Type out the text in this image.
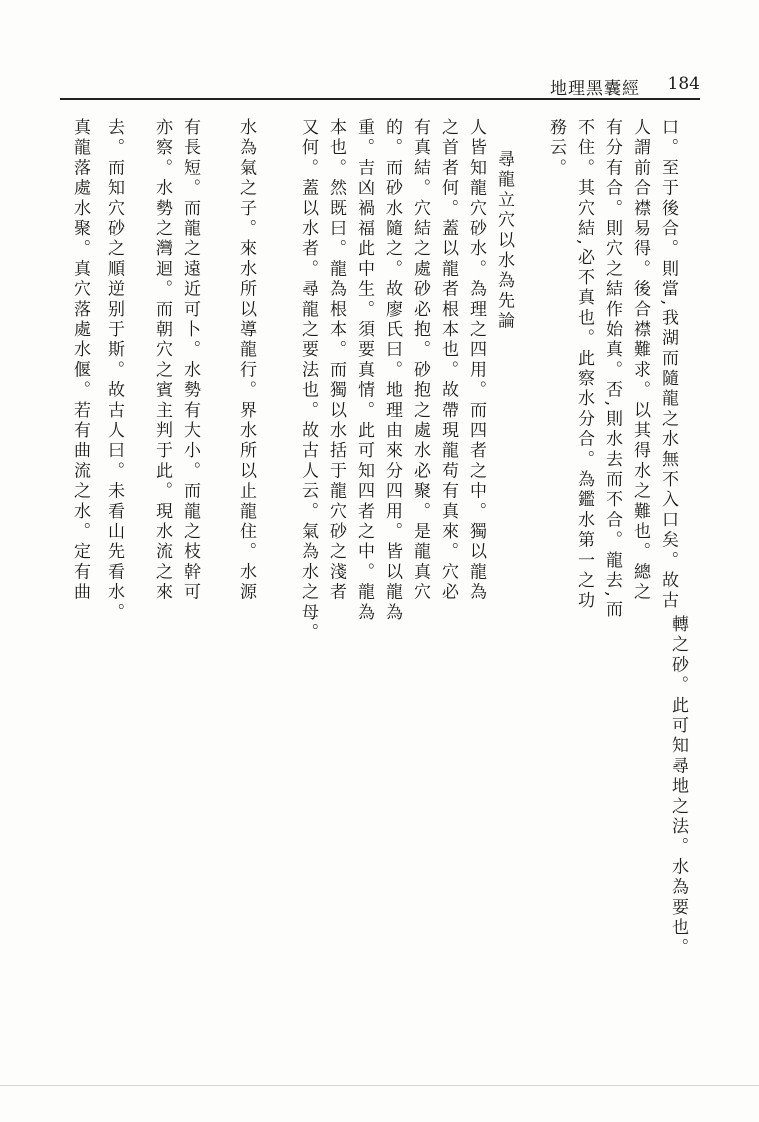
地理黑囊經 184
口。至于後合。則當,我湖而隨龍之水無不入口矣。故古
人謂前合襟易得。後合襟難求。以其得水之難也。總之
有分有合。則穴之結作始真。否,則水去而不合。龍去,而
不住。其穴結,必不真也。此察水分合。為鑑水第一之功
務云。
尋龍立穴以水為先論
人皆知龍穴砂水。為理之四用。而四者之中。獨以龍為
之首者何。蓋以龍者根本也。故帶現龍苟有真來。穴必
有真結。穴結之處砂必抱。砂抱之處水必聚。是龍真穴
的。而砂水隨之。故廖氏曰。地理由來分四用。皆以龍為
重。吉凶禍福此中生。須要真情。此可知四者之中。龍為
本也。然既曰。龍為根本。而獨以水括于龍穴砂之淺者
又何。蓋以水者。尋龍之要法也。故古人云。氣為水之母。
水為氣之子。來水所以導龍行。界水所以止龍住。水源
有長短。而龍之遠近可卜。水勢有大小。而龍之枝幹可
亦察。水勢之灣迴。而朝穴之賓主判于此。現水流之來
去。而知穴砂之順逆别于斯。故古人曰。未看山先看水。
真龍落處水聚。真穴落處水偃。若有曲流之水。定有曲
轉之砂。此可知尋地之法。水為要也。
